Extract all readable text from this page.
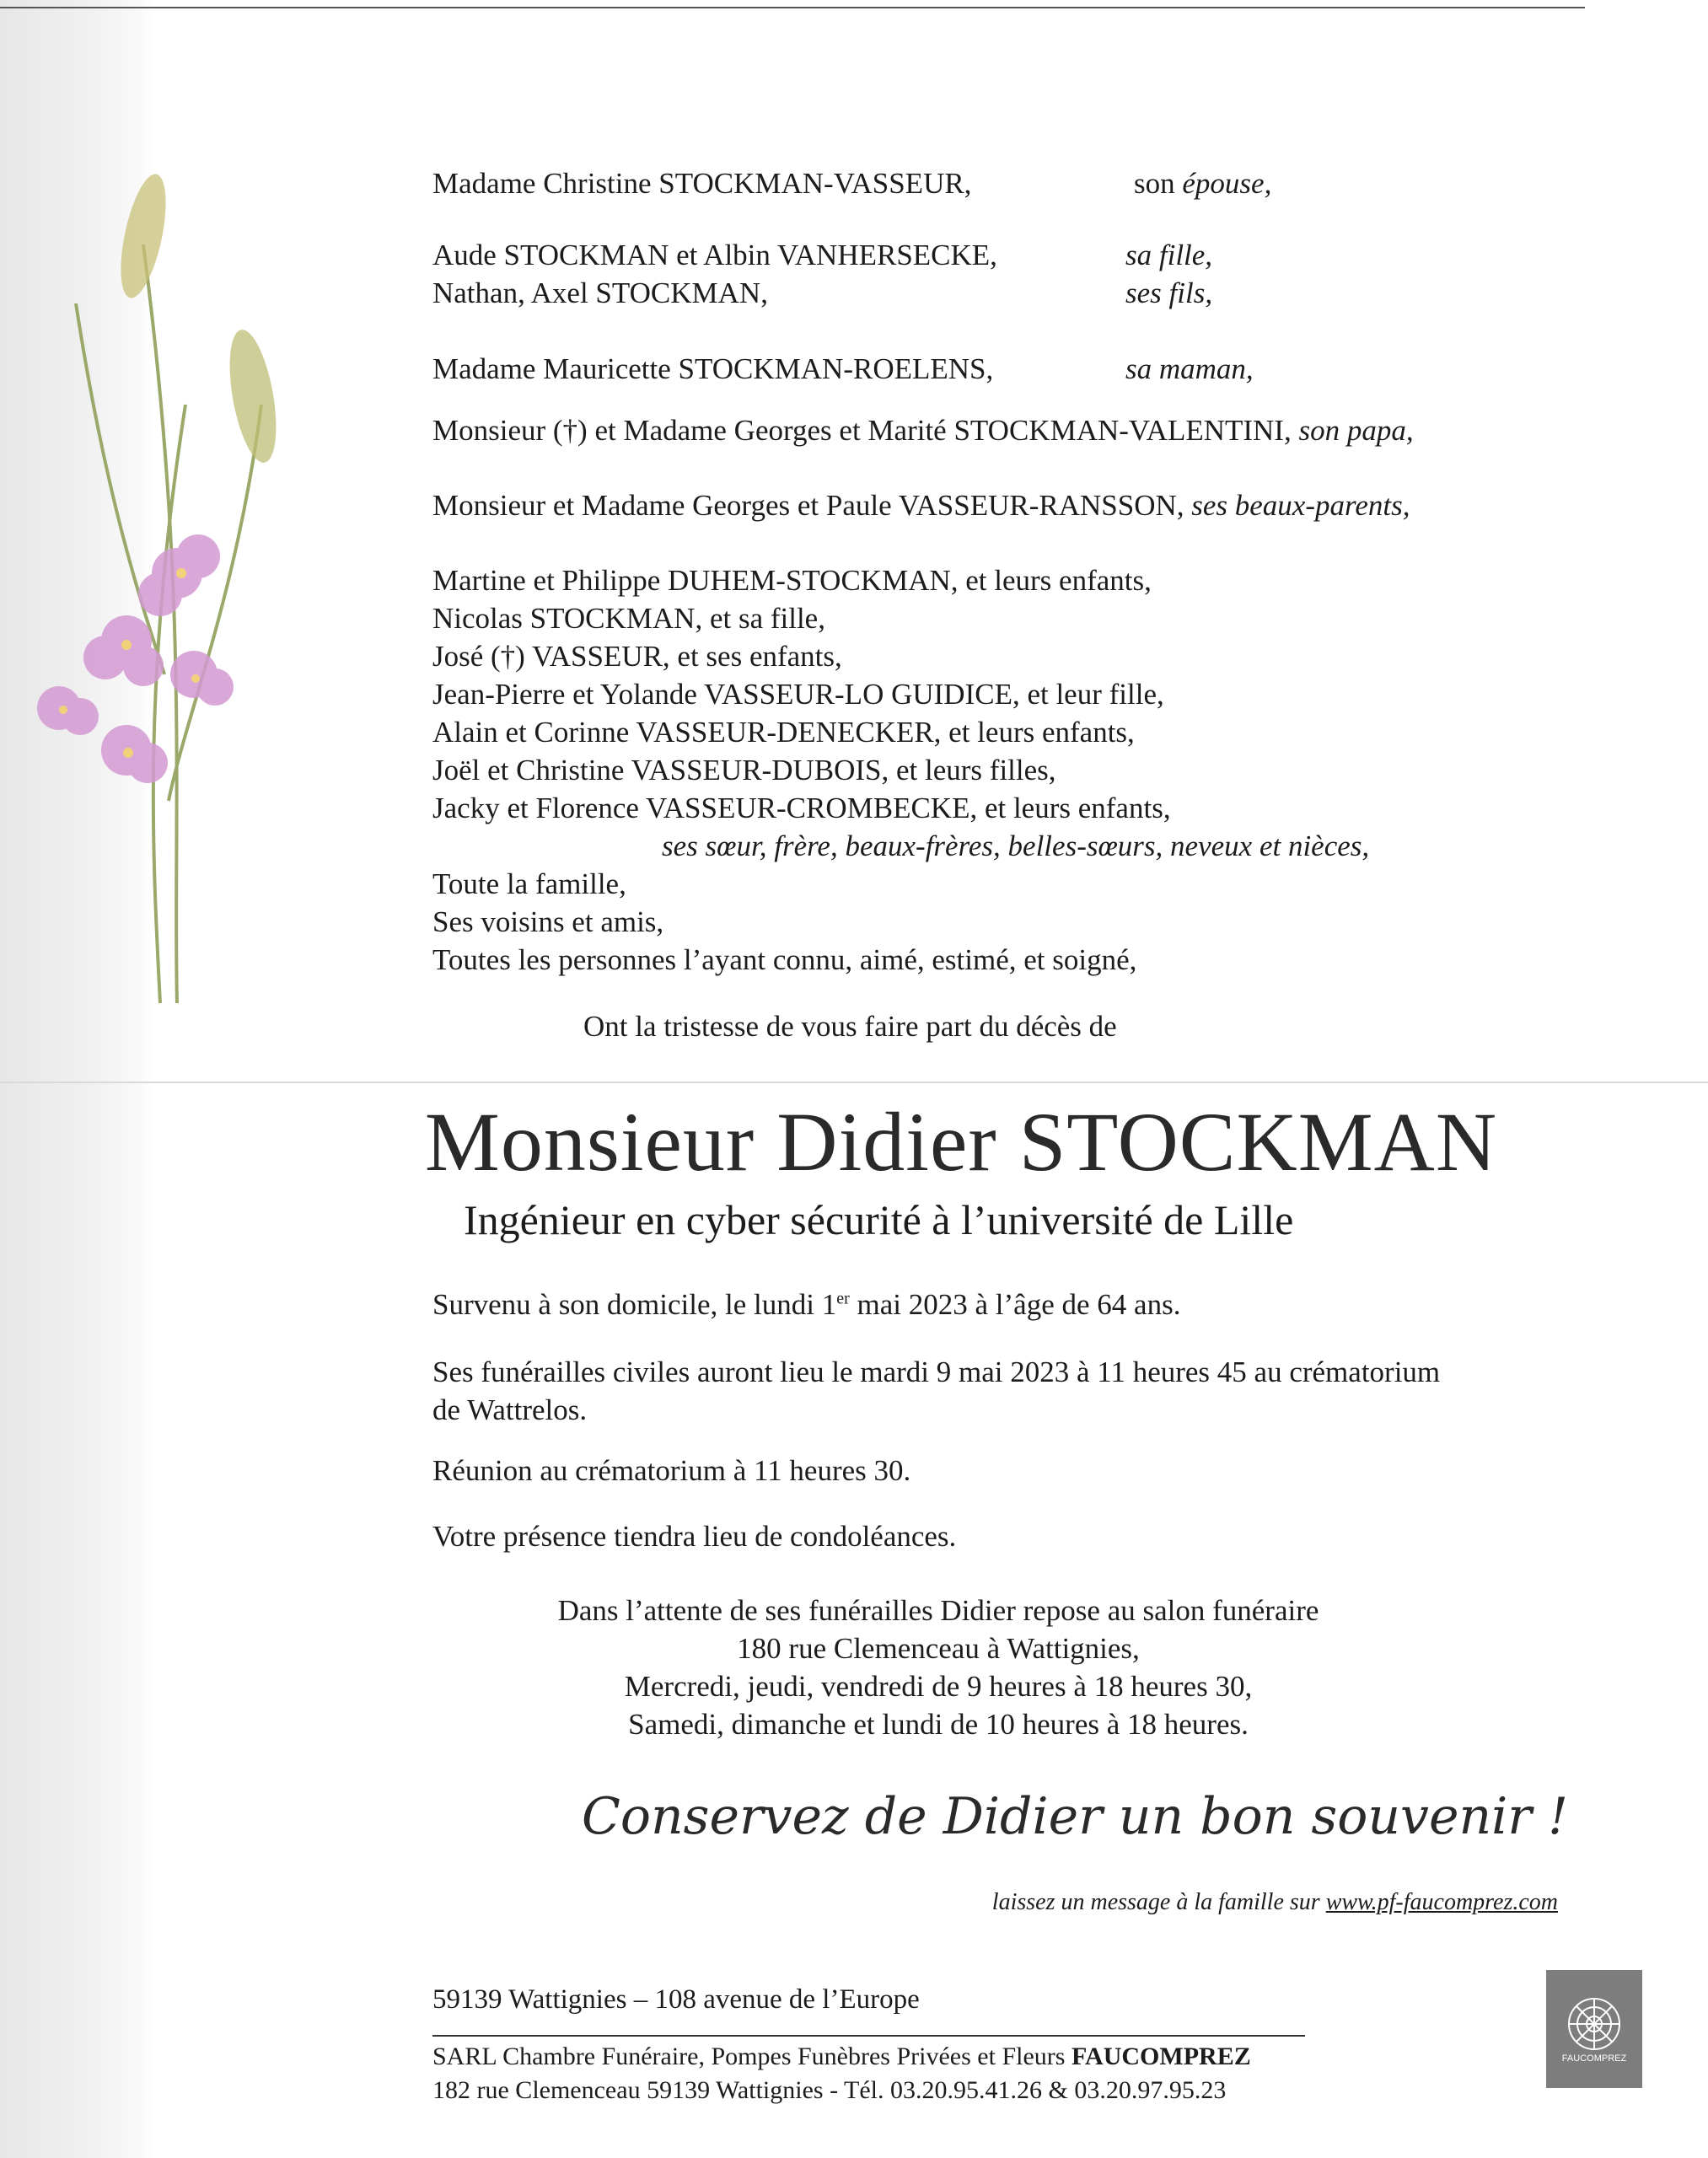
Madame Christine STOCKMAN-VASSEUR,	son épouse,
Aude STOCKMAN et Albin VANHERSECKE,	sa fille,
Nathan, Axel STOCKMAN,	ses fils,
Madame Mauricette STOCKMAN-ROELENS,	sa maman,
Monsieur (†) et Madame Georges et Marité STOCKMAN-VALENTINI, son papa,
Monsieur et Madame Georges et Paule VASSEUR-RANSSON, ses beaux-parents,
Martine et Philippe DUHEM-STOCKMAN, et leurs enfants,
Nicolas STOCKMAN, et sa fille,
José (†) VASSEUR, et ses enfants,
Jean-Pierre et Yolande VASSEUR-LO GUIDICE, et leur fille,
Alain et Corinne VASSEUR-DENECKER, et leurs enfants,
Joël et Christine VASSEUR-DUBOIS, et leurs filles,
Jacky et Florence VASSEUR-CROMBECKE, et leurs enfants,
ses sœur, frère, beaux-frères, belles-sœurs, neveux et nièces,
Toute la famille,
Ses voisins et amis,
Toutes les personnes l’ayant connu, aimé, estimé, et soigné,
Ont la tristesse de vous faire part du décès de
Monsieur Didier STOCKMAN
Ingénieur en cyber sécurité à l’université de Lille
Survenu à son domicile, le lundi 1er mai 2023 à l’âge de 64 ans.
Ses funérailles civiles auront lieu le mardi 9 mai 2023 à 11 heures 45 au crématorium
de Wattrelos.
Réunion au crématorium à 11 heures 30.
Votre présence tiendra lieu de condoléances.
Dans l’attente de ses funérailles Didier repose au salon funéraire
180 rue Clemenceau à Wattignies,
Mercredi, jeudi, vendredi de 9 heures à 18 heures 30,
Samedi, dimanche et lundi de 10 heures à 18 heures.
Conservez de Didier un bon souvenir !
laissez un message à la famille sur www.pf-faucomprez.com
59139 Wattignies – 108 avenue de l’Europe
SARL Chambre Funéraire, Pompes Funèbres Privées et Fleurs FAUCOMPREZ
182 rue Clemenceau 59139 Wattignies - Tél. 03.20.95.41.26 & 03.20.97.95.23
FAUCOMPREZ
